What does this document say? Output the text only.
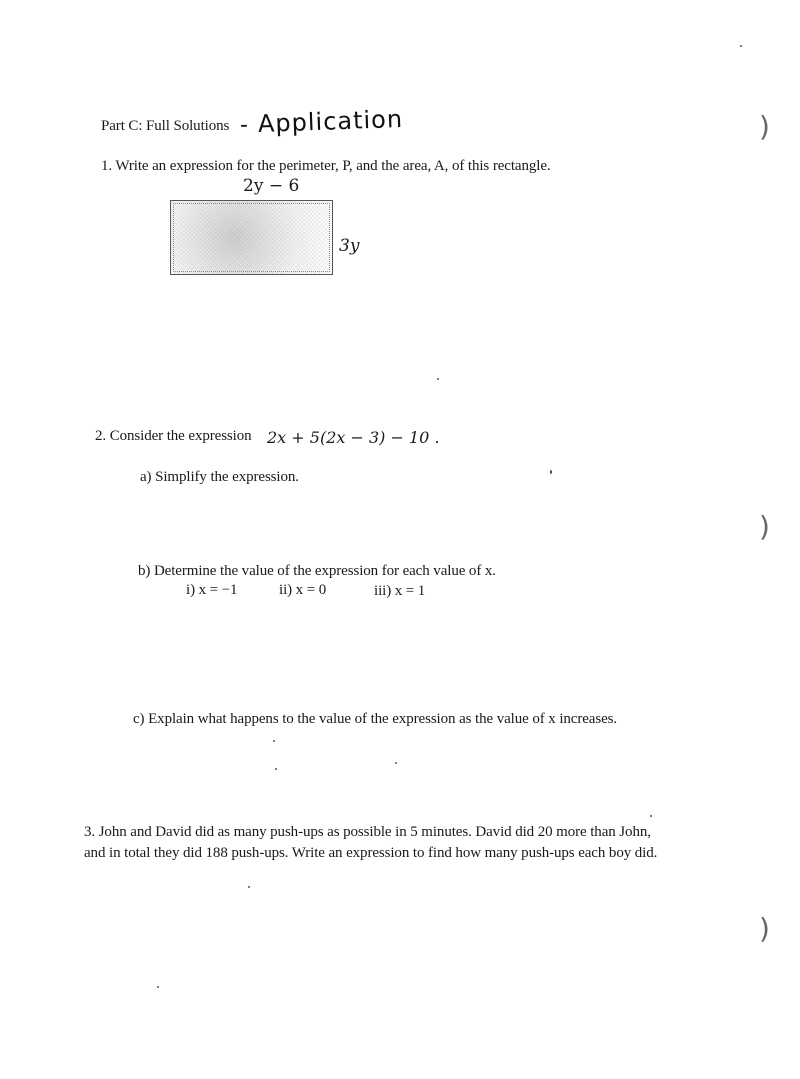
Part C: Full Solutions - Application
1. Write an expression for the perimeter, P, and the area, A, of this rectangle.
2y − 6
3y
2. Consider the expression 2x + 5(2x − 3) − 10 .
a) Simplify the expression.
b) Determine the value of the expression for each value of x.
i) x = −1	ii) x = 0	iii) x = 1
c) Explain what happens to the value of the expression as the value of x increases.
3. John and David did as many push-ups as possible in 5 minutes. David did 20 more than John,
and in total they did 188 push-ups. Write an expression to find how many push-ups each boy did.
)
)
)
